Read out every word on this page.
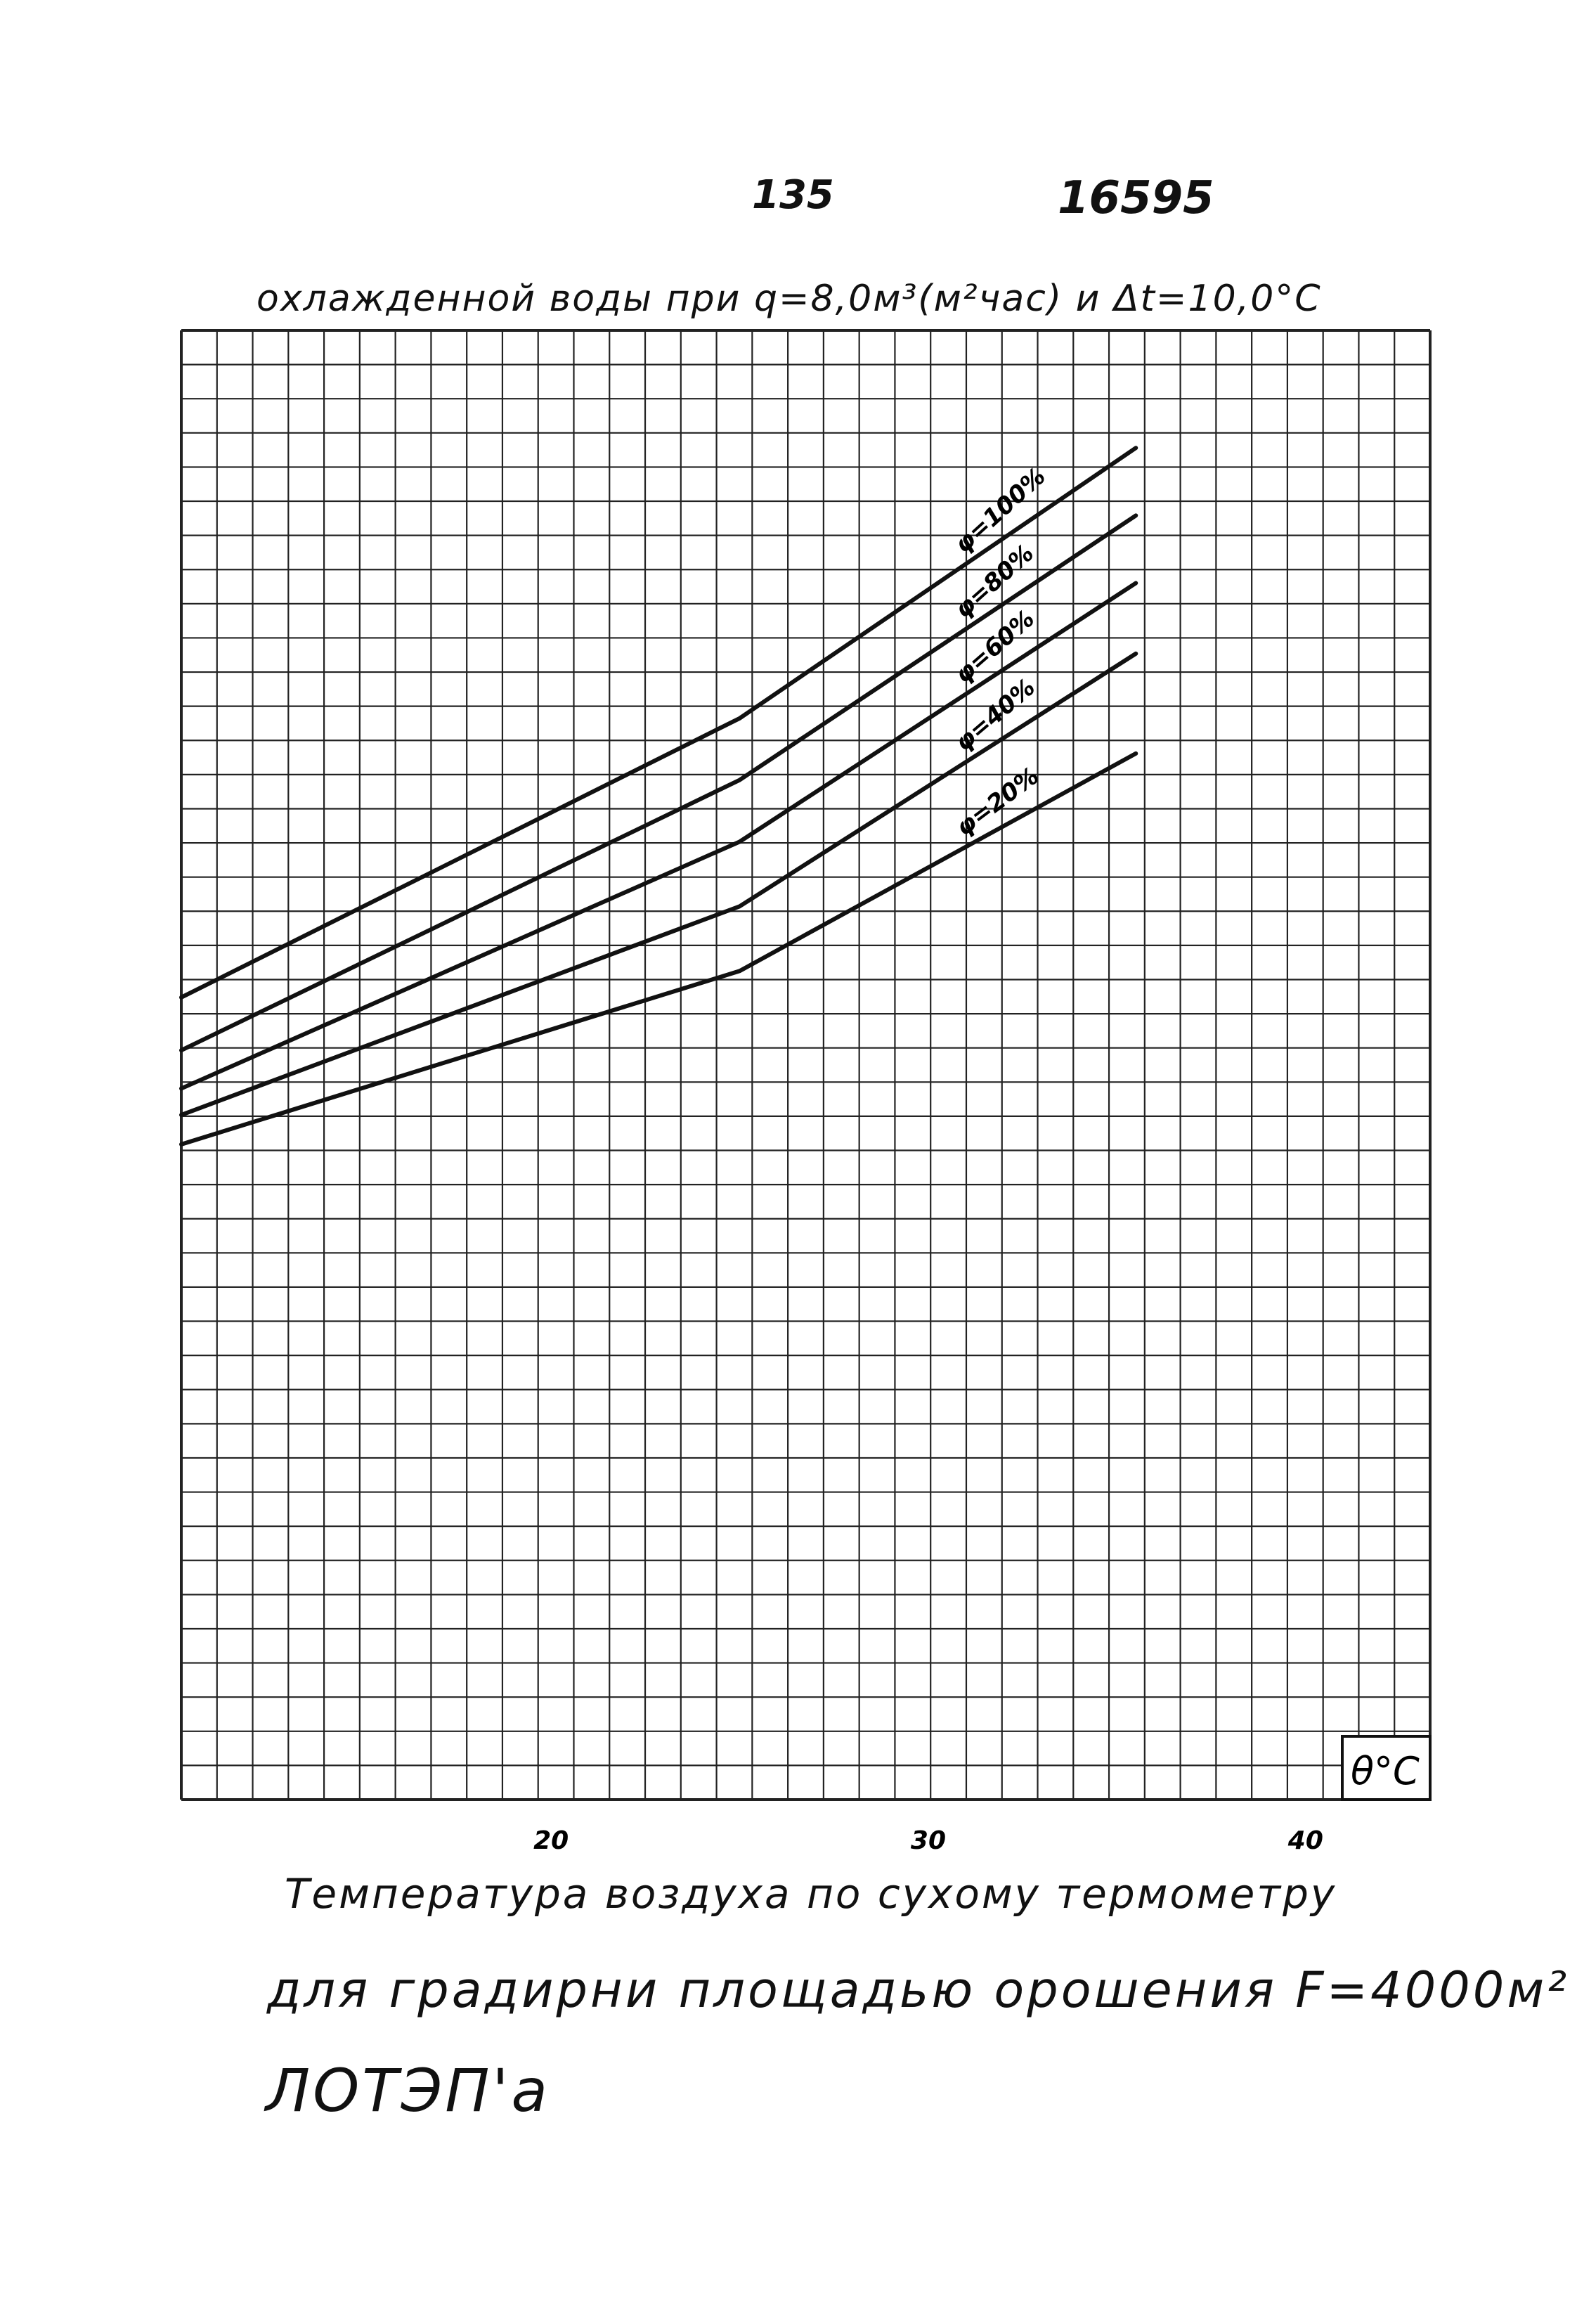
135	16595
охлажденной воды при q=8,0м³(м²час) и Δt=10,0°C
20	30	40
φ=100%
φ=80%
φ=60%
φ=40%
φ=20%
θ°C
Температура воздуха по сухому термометру
для градирни площадью орошения F=4000м²
ЛОТЭП'а
